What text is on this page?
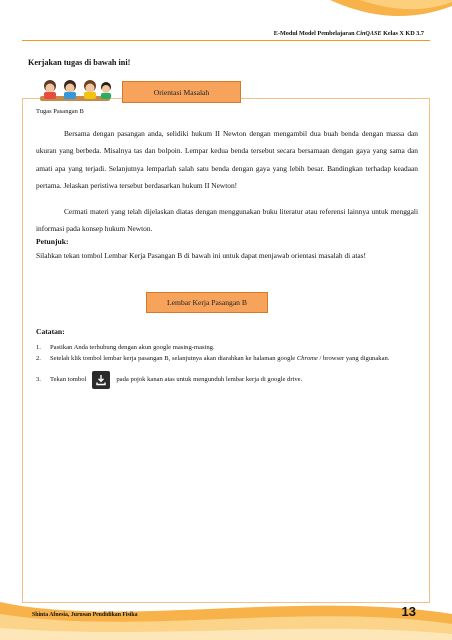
E-Modul Model Pembelajaran CinQASE Kelas X KD 3.7
Kerjakan tugas di bawah ini!
Tugas Pasangan B
Orientasi Masalah
Bersama dengan pasangan anda, selidiki hukum II Newton dengan mengambil dua buah benda dengan massa dan ukuran yang berbeda. Misalnya tas dan bolpoin. Lempar kedua benda tersebut secara bersamaan dengan gaya yang sama dan amati apa yang terjadi. Selanjutnya lemparlah salah satu benda dengan gaya yang lebih besar. Bandingkan terhadap keadaan pertama. Jelaskan peristiwa tersebut berdasarkan hukum II Newton!
Cermati materi yang telah dijelaskan diatas dengan menggunakan buku literatur atau referensi lainnya untuk menggali informasi pada konsep hukum Newton.
Petunjuk:
Silahkan tekan tombol Lembar Kerja Pasangan B di bawah ini untuk dapat menjawab orientasi masalah di atas!
Lembar Kerja Pasangan B
Catatan:
1. Pastikan Anda terhubung dengan akun google masing-masing.
2. Setelah klik tombol lembar kerja pasangan B, selanjutnya akan diarahkan ke halaman google Chrome / browser yang digunakan.
3. Tekan tombol	pada pojok kanan atas untuk mengunduh lembar kerja di google drive.
Shinta Afnesia, Jurusan Pendidikan Fisika	13
